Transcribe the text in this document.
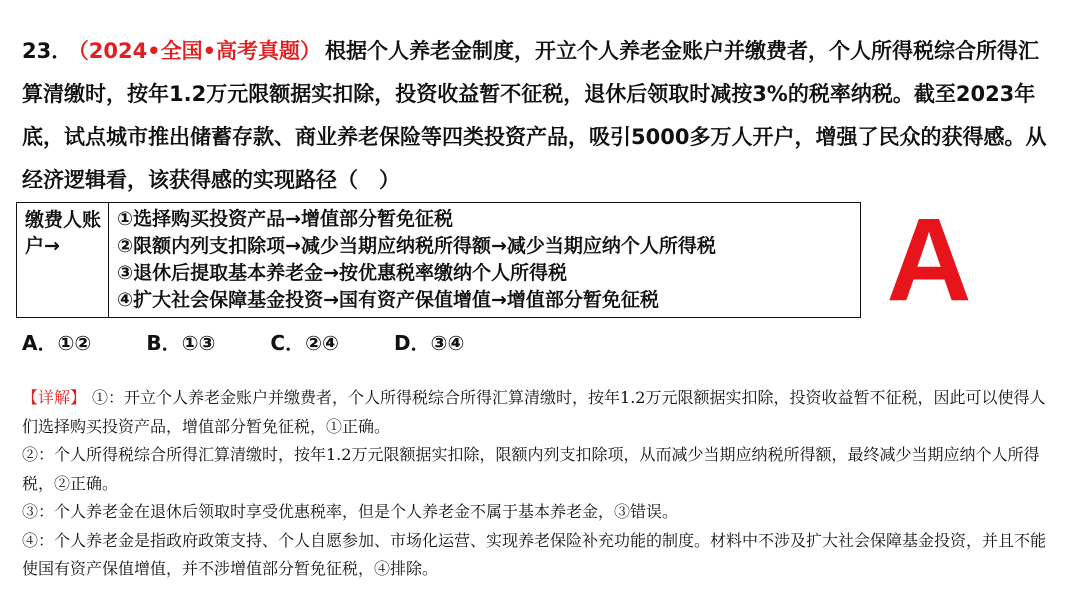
23． （2024•全国•高考真题） 根据个人养老金制度，开立个人养老金账户并缴费者，个人所得税综合所得汇算清缴时，按年1.2万元限额据实扣除，投资收益暂不征税，退休后领取时减按3%的税率纳税。截至2023年底，试点城市推出储蓄存款、商业养老保险等四类投资产品，吸引5000多万人开户，增强了民众的获得感。从经济逻辑看，该获得感的实现路径（　）
缴费人账户→
①选择购买投资产品→增值部分暂免征税
②限额内列支扣除项→减少当期应纳税所得额→减少当期应纳个人所得税
③退休后提取基本养老金→按优惠税率缴纳个人所得税
④扩大社会保障基金投资→国有资产保值增值→增值部分暂免征税	A
A．①②	B．①③	C．②④	D．③④

【详解】 ①：开立个人养老金账户并缴费者，个人所得税综合所得汇算清缴时，按年1.2万元限额据实扣除，投资收益暂不征税，因此可以使得人们选择购买投资产品，增值部分暂免征税，①正确。

②：个人所得税综合所得汇算清缴时，按年1.2万元限额据实扣除，限额内列支扣除项，从而减少当期应纳税所得额，最终减少当期应纳个人所得税，②正确。

③：个人养老金在退休后领取时享受优惠税率，但是个人养老金不属于基本养老金，③错误。

④：个人养老金是指政府政策支持、个人自愿参加、市场化运营、实现养老保险补充功能的制度。材料中不涉及扩大社会保障基金投资，并且不能使国有资产保值增值，并不涉增值部分暂免征税，④排除。
